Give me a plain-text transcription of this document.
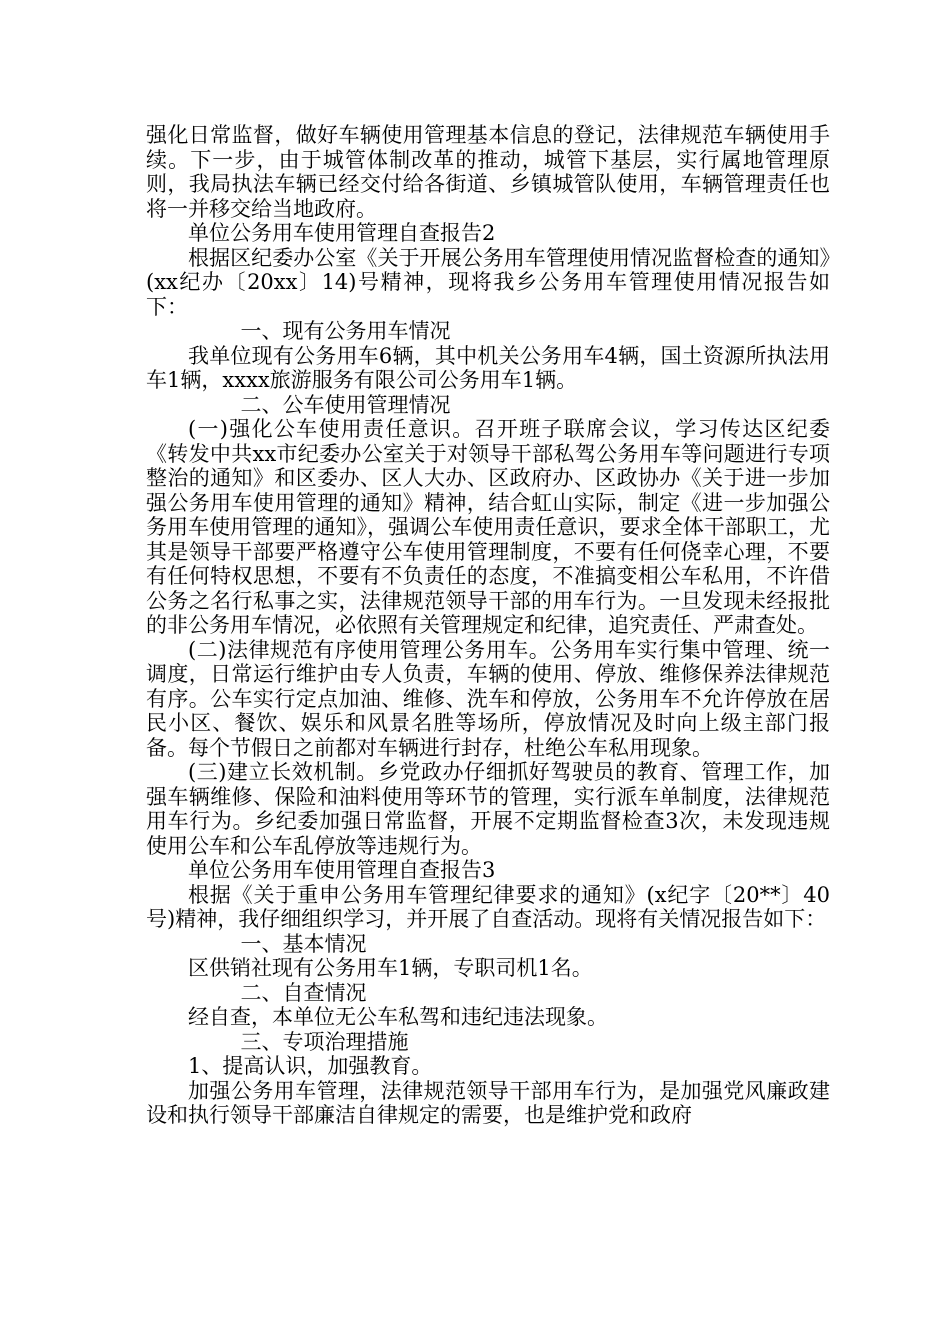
强化日常监督，做好车辆使用管理基本信息的登记，法律规范车辆使用手续。下一步，由于城管体制改革的推动，城管下基层，实行属地管理原则，我局执法车辆已经交付给各街道、乡镇城管队使用，车辆管理责任也将一并移交给当地政府。

单位公务用车使用管理自查报告2

根据区纪委办公室《关于开展公务用车管理使用情况监督检查的通知》(xx纪办〔20xx〕14)号精神，现将我乡公务用车管理使用情况报告如下：

一、现有公务用车情况

我单位现有公务用车6辆，其中机关公务用车4辆，国土资源所执法用车1辆，xxxx旅游服务有限公司公务用车1辆。

二、公车使用管理情况

(一)强化公车使用责任意识。召开班子联席会议，学习传达区纪委《转发中共xx市纪委办公室关于对领导干部私驾公务用车等问题进行专项整治的通知》和区委办、区人大办、区政府办、区政协办《关于进一步加强公务用车使用管理的通知》精神，结合虹山实际，制定《进一步加强公务用车使用管理的通知》，强调公车使用责任意识，要求全体干部职工，尤其是领导干部要严格遵守公车使用管理制度，不要有任何侥幸心理，不要有任何特权思想，不要有不负责任的态度，不准搞变相公车私用，不许借公务之名行私事之实，法律规范领导干部的用车行为。一旦发现未经报批的非公务用车情况，必依照有关管理规定和纪律，追究责任、严肃查处。

(二)法律规范有序使用管理公务用车。公务用车实行集中管理、统一调度，日常运行维护由专人负责，车辆的使用、停放、维修保养法律规范有序。公车实行定点加油、维修、洗车和停放，公务用车不允许停放在居民小区、餐饮、娱乐和风景名胜等场所，停放情况及时向上级主部门报备。每个节假日之前都对车辆进行封存，杜绝公车私用现象。

(三)建立长效机制。乡党政办仔细抓好驾驶员的教育、管理工作，加强车辆维修、保险和油料使用等环节的管理，实行派车单制度，法律规范用车行为。乡纪委加强日常监督，开展不定期监督检查3次，未发现违规使用公车和公车乱停放等违规行为。

单位公务用车使用管理自查报告3

根据《关于重申公务用车管理纪律要求的通知》(x纪字〔20**〕40号)精神，我仔细组织学习，并开展了自查活动。现将有关情况报告如下：

一、基本情况

区供销社现有公务用车1辆，专职司机1名。

二、自查情况

经自查，本单位无公车私驾和违纪违法现象。

三、专项治理措施

1、提高认识，加强教育。

加强公务用车管理，法律规范领导干部用车行为，是加强党风廉政建设和执行领导干部廉洁自律规定的需要，也是维护党和政府
